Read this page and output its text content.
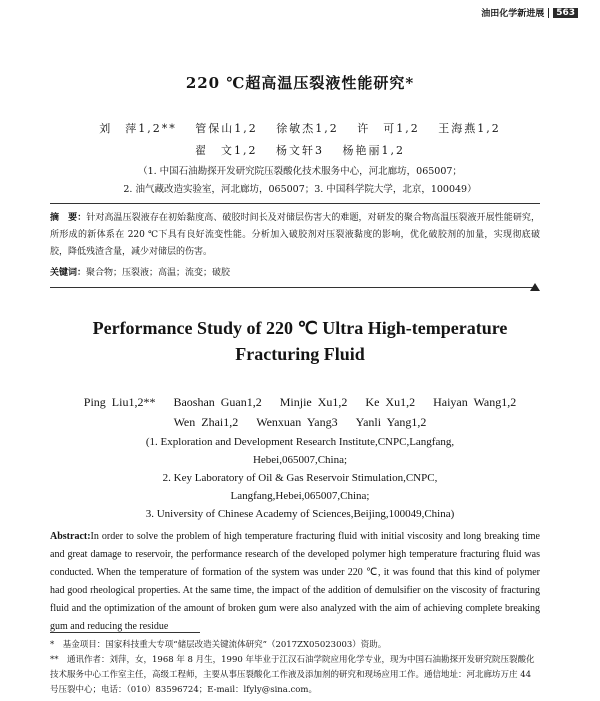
油田化学新进展	563
220 ℃超高温压裂液性能研究*
刘　萍1,2** 　管保山1,2 　徐敏杰1,2 　许　可1,2 　王海燕1,2
翟　文1,2 　杨文轩3 　杨艳丽1,2
（1. 中国石油勘探开发研究院压裂酸化技术服务中心，河北廊坊，065007；
2. 油气藏改造实验室，河北廊坊，065007；3. 中国科学院大学，北京，100049）
摘　要：针对高温压裂液存在初始黏度高、破胶时间长及对储层伤害大的难题，对研发的聚合物高温压裂液开展性能研究，所形成的新体系在 220 ℃下具有良好流变性能。分析加入破胶剂对压裂液黏度的影响，优化破胶剂的加量，实现彻底破胶，降低残渣含量，减少对储层的伤害。
关键词：聚合物；压裂液；高温；流变；破胶
Performance Study of 220 ℃ Ultra High-temperature
Fracturing Fluid
Ping Liu1,2** 　Baoshan Guan1,2 　Minjie Xu1,2 　Ke Xu1,2 　Haiyan Wang1,2
Wen Zhai1,2 　Wenxuan Yang3 　Yanli Yang1,2
(1. Exploration and Development Research Institute,CNPC,Langfang,
Hebei,065007,China;
2. Key Laboratory of Oil & Gas Reservoir Stimulation,CNPC,
Langfang,Hebei,065007,China;
3. University of Chinese Academy of Sciences,Beijing,100049,China)
Abstract:In order to solve the problem of high temperature fracturing fluid with initial viscosity and long breaking time and great damage to reservoir, the performance research of the developed polymer high temperature fracturing fluid was conducted. When the temperature of formation of the system was under 220 ℃, it was found that this kind of polymer had good rheological properties. At the same time, the impact of the addition of demulsifier on the viscosity of fracturing fluid and the optimization of the amount of broken gum were also analyzed with the aim of achieving complete breaking gum and reducing the residue
*　基金项目：国家科技重大专项“储层改造关键流体研究”（2017ZX05023003）资助。
**　通讯作者：刘萍，女，1968 年 8 月生，1990 年毕业于江汉石油学院应用化学专业，现为中国石油勘探开发研究院压裂酸化技术服务中心工作室主任，高级工程师，主要从事压裂酸化工作液及添加剂的研究和现场应用工作。通信地址：河北廊坊万庄 44 号压裂中心；电话：（010）83596724；E-mail：lfyly@sina.com。
